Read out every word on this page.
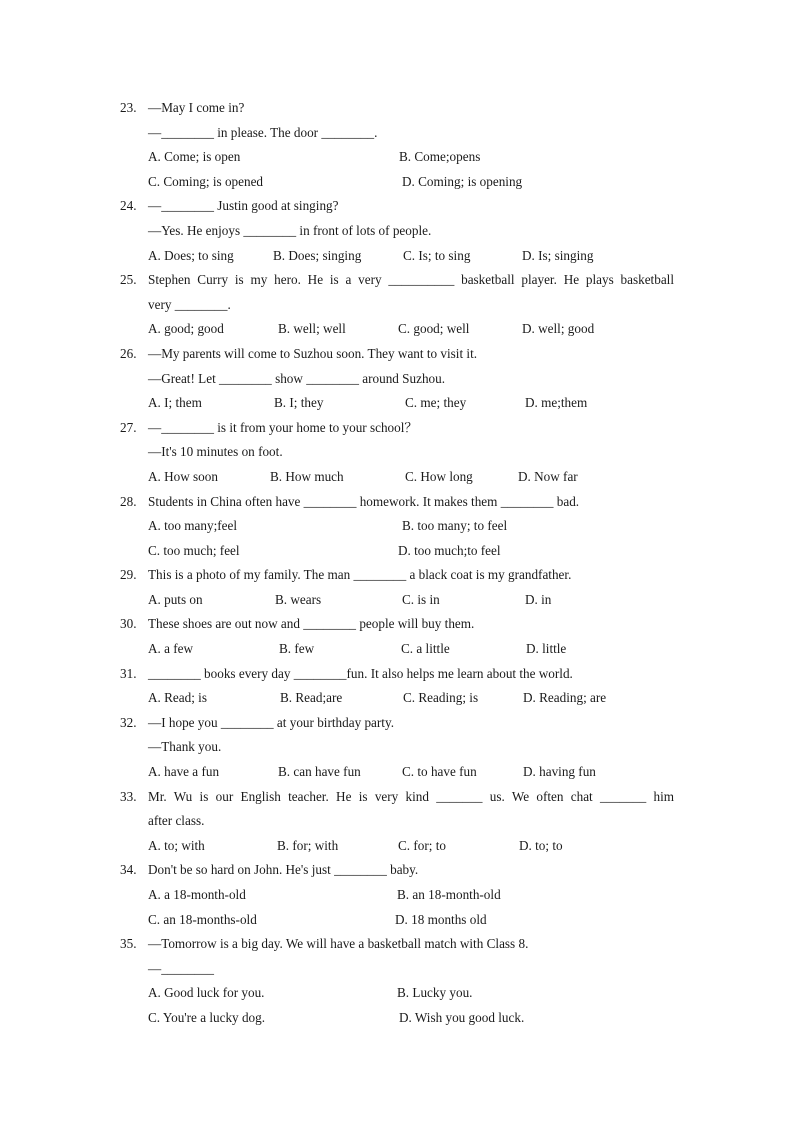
23. —May I come in?
—________ in please. The door ________.
A. Come; is open	B. Come;opens
C. Coming; is opened	D. Coming; is opening
24. —________ Justin good at singing?
—Yes. He enjoys ________ in front of lots of people.
A. Does; to sing	B. Does; singing	C. Is; to sing	D. Is; singing
25. Stephen Curry is my hero. He is a very __________ basketball player. He plays basketball
very ________.
A. good; good	B. well; well	C. good; well	D. well; good
26. —My parents will come to Suzhou soon. They want to visit it.
—Great! Let ________ show ________ around Suzhou.
A. I; them	B. I; they	C. me; they	D. me;them
27. —________ is it from your home to your school？
—It's 10 minutes on foot.
A. How soon	B. How much	C. How long	D. Now far
28. Students in China often have ________ homework. It makes them ________ bad.
A. too many;feel	B. too many; to feel
C. too much; feel	D. too much;to feel
29. This is a photo of my family. The man ________ a black coat is my grandfather.
A. puts on	B. wears	C. is in	D. in
30. These shoes are out now and ________ people will buy them.
A. a few	B. few	C. a little	D. little
31. ________ books every day ________fun. It also helps me learn about the world.
A. Read; is	B. Read;are	C. Reading; is	D. Reading; are
32. —I hope you ________ at your birthday party.
—Thank you.
A. have a fun	B. can have fun	C. to have fun	D. having fun
33. Mr. Wu is our English teacher. He is very kind _______ us. We often chat _______ him
after class.
A. to; with	B. for; with	C. for; to	D. to; to
34. Don't be so hard on John. He's just ________ baby.
A. a 18-month-old	B. an 18-month-old
C. an 18-months-old	D. 18 months old
35. —Tomorrow is a big day. We will have a basketball match with Class 8.
—________
A. Good luck for you.	B. Lucky you.
C. You're a lucky dog.	D. Wish you good luck.
